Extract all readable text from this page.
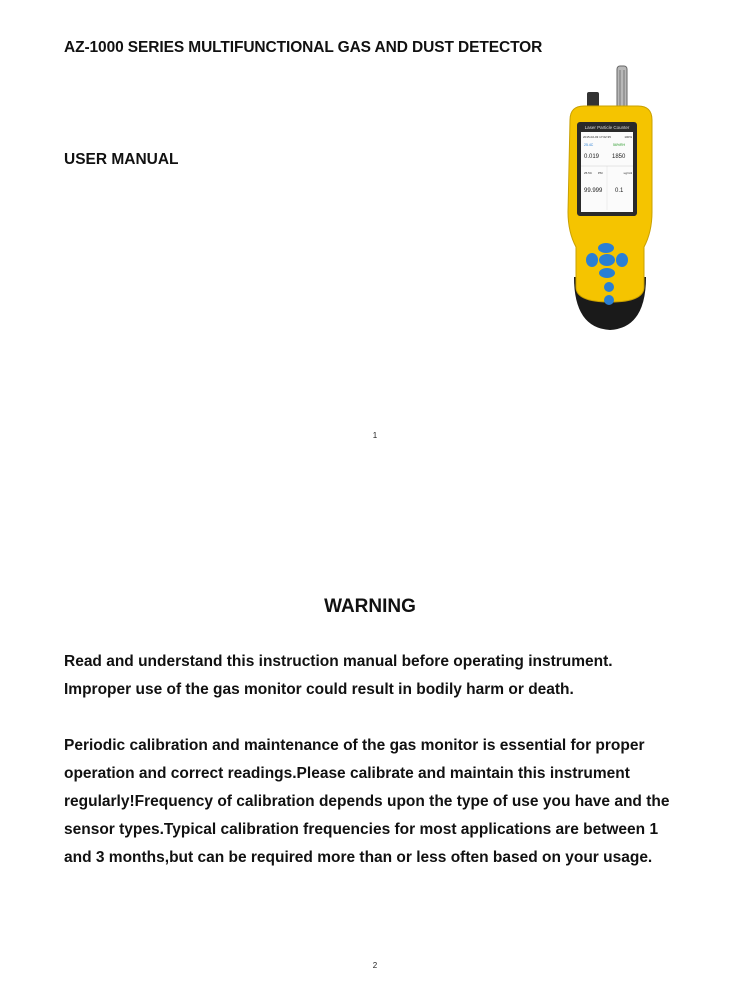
AZ-1000 SERIES MULTIFUNCTIONAL GAS AND DUST DETECTOR
USER MANUAL
Laser Particle Counter
2015-02-03 17:02:35	100%
25.4C	56%RH
0.019 1850
25.5C PM	ug/m3
99.999 0.1
1
WARNING

Read and understand this instruction manual before operating instrument.

Improper use of the gas monitor could result in bodily harm or death.

Periodic calibration and maintenance of the gas monitor is essential for proper

operation and correct readings.Please calibrate and maintain this instrument

regularly!Frequency of calibration depends upon the type of use you have and the

sensor types.Typical calibration frequencies for most applications are between 1

and 3 months,but can be required more than or less often based on your usage.

2
